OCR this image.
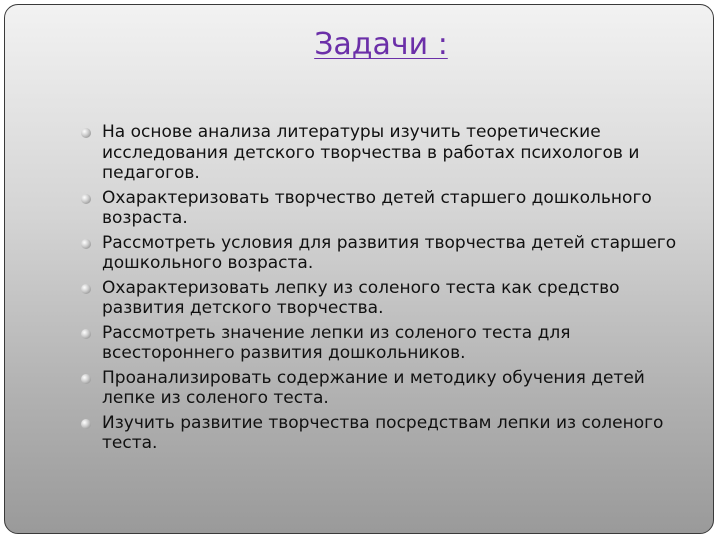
Задачи :
На основе анализа литературы изучить теоретические исследования детского творчества в работах психологов и педагогов.
Охарактеризовать творчество детей старшего дошкольного возраста.
Рассмотреть условия для развития творчества детей старшего дошкольного возраста.
Охарактеризовать лепку из соленого теста как средство развития детского творчества.
Рассмотреть значение лепки из соленого теста для всестороннего развития дошкольников.
Проанализировать содержание и методику обучения детей лепке из соленого теста.
Изучить развитие творчества посредствам лепки из соленого теста.
